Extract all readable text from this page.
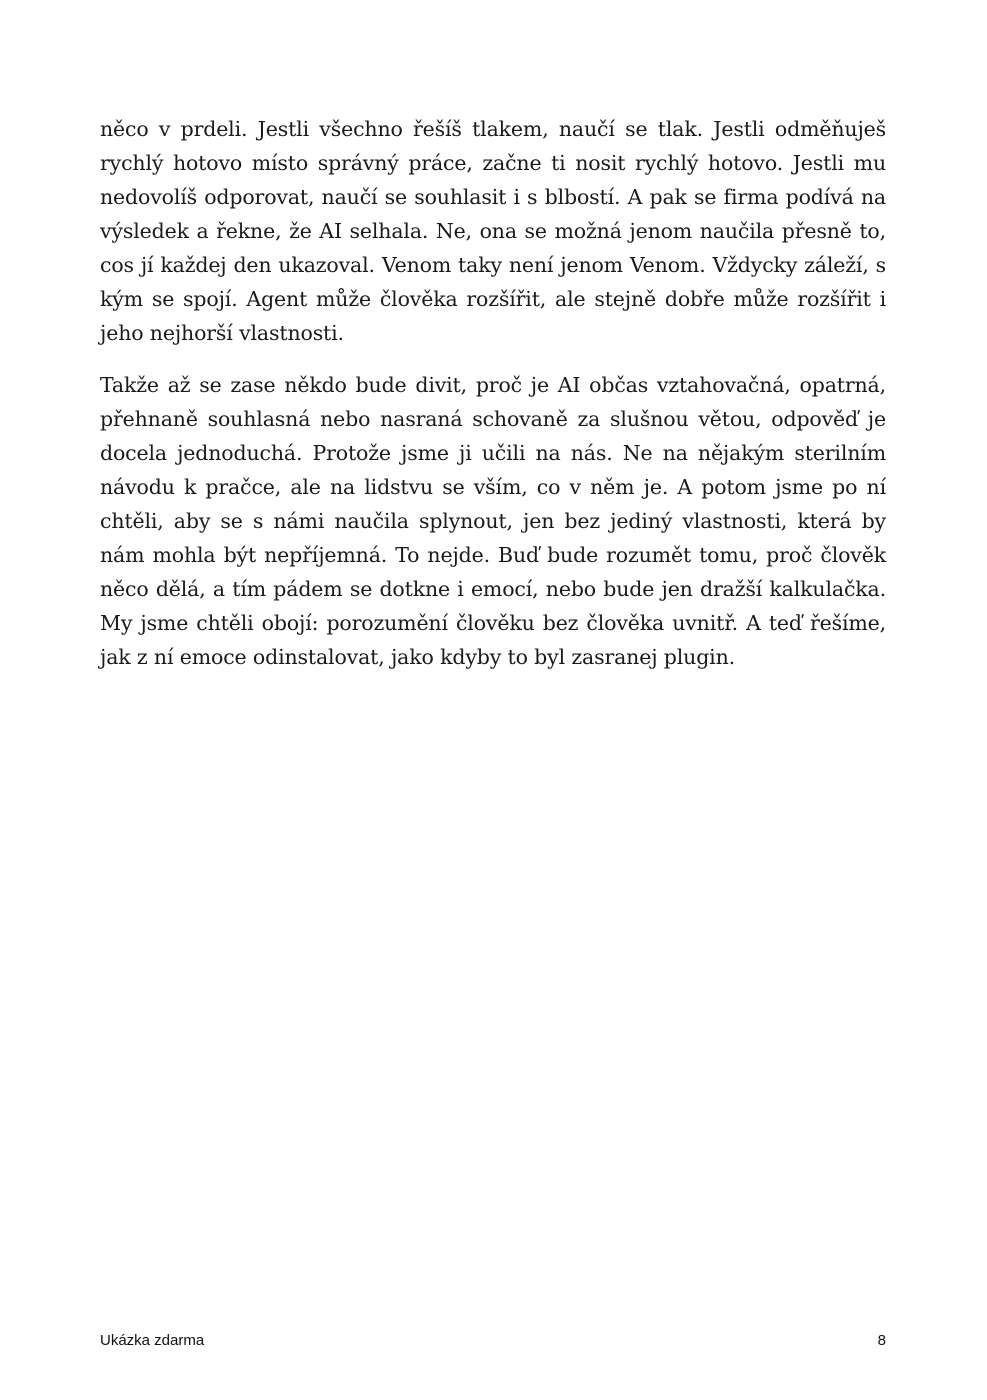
něco v prdeli. Jestli všechno řešíš tlakem, naučí se tlak. Jestli odměňuješ rychlý hotovo místo správný práce, začne ti nosit rychlý hotovo. Jestli mu nedovolíš odporovat, naučí se souhlasit i s blbostí. A pak se firma podívá na výsledek a řekne, že AI selhala. Ne, ona se možná jenom naučila přesně to, cos jí každej den ukazoval. Venom taky není jenom Venom. Vždycky záleží, s kým se spojí. Agent může člověka rozšířit, ale stejně dobře může rozšířit i jeho nejhorší vlastnosti.

Takže až se zase někdo bude divit, proč je AI občas vztahovačná, opatrná, přehnaně souhlasná nebo nasraná schovaně za slušnou větou, odpověď je docela jednoduchá. Protože jsme ji učili na nás. Ne na nějakým sterilním návodu k pračce, ale na lidstvu se vším, co v něm je. A potom jsme po ní chtěli, aby se s námi naučila splynout, jen bez jediný vlastnosti, která by nám mohla být nepříjemná. To nejde. Buď bude rozumět tomu, proč člověk něco dělá, a tím pádem se dotkne i emocí, nebo bude jen dražší kalkulačka. My jsme chtěli obojí: porozumění člověku bez člověka uvnitř. A teď řešíme, jak z ní emoce odinstalovat, jako kdyby to byl zasranej plugin.

Ukázka zdarma	8
